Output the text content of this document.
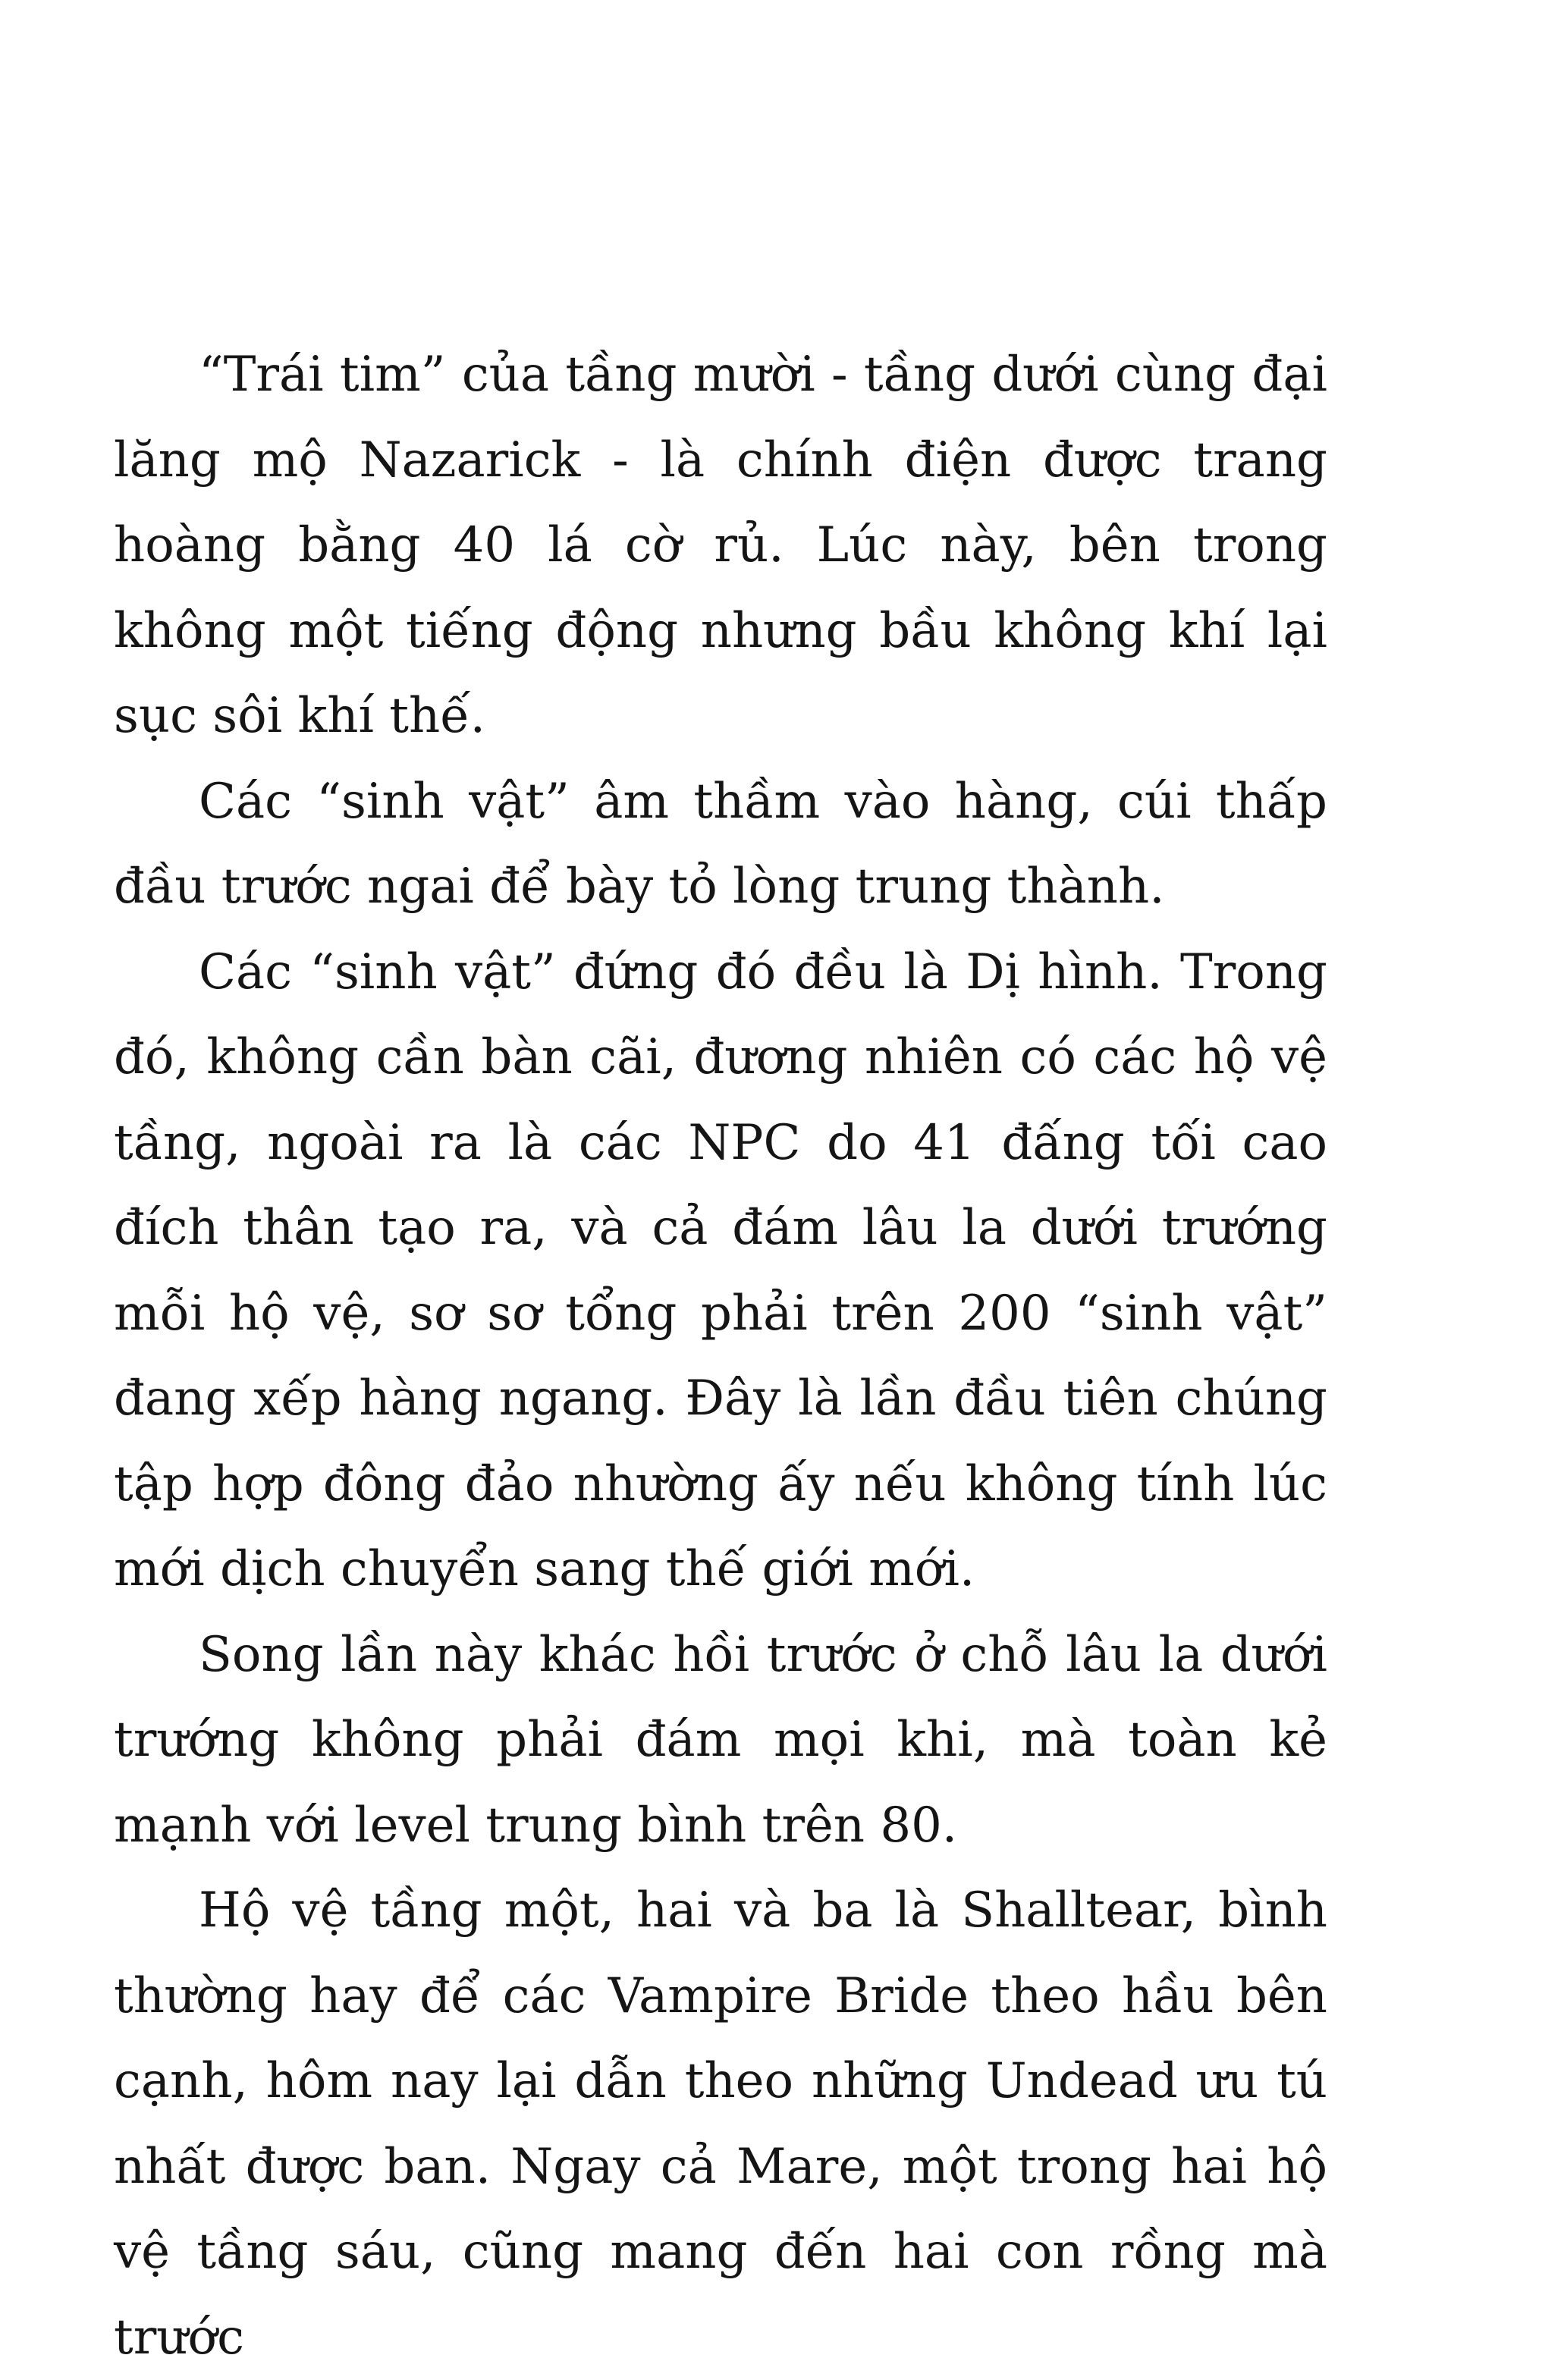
“Trái tim” của tầng mười - tầng dưới cùng đại lăng mộ Nazarick - là chính điện được trang hoàng bằng 40 lá cờ rủ. Lúc này, bên trong không một tiếng động nhưng bầu không khí lại sục sôi khí thế.

Các “sinh vật” âm thầm vào hàng, cúi thấp đầu trước ngai để bày tỏ lòng trung thành.

Các “sinh vật” đứng đó đều là Dị hình. Trong đó, không cần bàn cãi, đương nhiên có các hộ vệ tầng, ngoài ra là các NPC do 41 đấng tối cao đích thân tạo ra, và cả đám lâu la dưới trướng mỗi hộ vệ, sơ sơ tổng phải trên 200 “sinh vật” đang xếp hàng ngang. Đây là lần đầu tiên chúng tập hợp đông đảo nhường ấy nếu không tính lúc mới dịch chuyển sang thế giới mới.

Song lần này khác hồi trước ở chỗ lâu la dưới trướng không phải đám mọi khi, mà toàn kẻ mạnh với level trung bình trên 80.

Hộ vệ tầng một, hai và ba là Shalltear, bình thường hay để các Vampire Bride theo hầu bên cạnh, hôm nay lại dẫn theo những Undead ưu tú nhất được ban. Ngay cả Mare, một trong hai hộ vệ tầng sáu, cũng mang đến hai con rồng mà trước
